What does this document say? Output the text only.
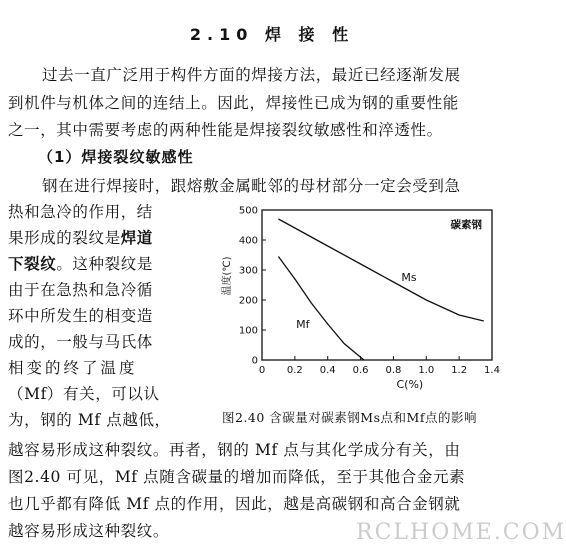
2.10 焊 接 性
过去一直广泛用于构件方面的焊接方法，最近已经逐渐发展
到机件与机体之间的连结上。因此，焊接性已成为钢的重要性能
之一，其中需要考虑的两种性能是焊接裂纹敏感性和淬透性。
（1）焊接裂纹敏感性
钢在进行焊接时，跟熔敷金属毗邻的母材部分一定会受到急
热和急冷的作用，结
果形成的裂纹是焊道
下裂纹。这种裂纹是
由于在急热和急冷循
环中所发生的相变造
成的，一般与马氏体
相变的终了温度
（Mf）有关，可以认
为，钢的 Mf 点越低，
0 0.2 0.4 0.6 0.8 1.0 1.2 1.4
0
100
200
300
400
500
Ms
Mf
温度(℃)
C(%)
碳素钢
图2.40 含碳量对碳素钢Ms点和Mf点的影响
越容易形成这种裂纹。再者，钢的 Mf 点与其化学成分有关，由
图2.40 可见，Mf 点随含碳量的增加而降低，至于其他合金元素
也几乎都有降低 Mf 点的作用，因此，越是高碳钢和高合金钢就
越容易形成这种裂纹。	RCLHOME.COM
